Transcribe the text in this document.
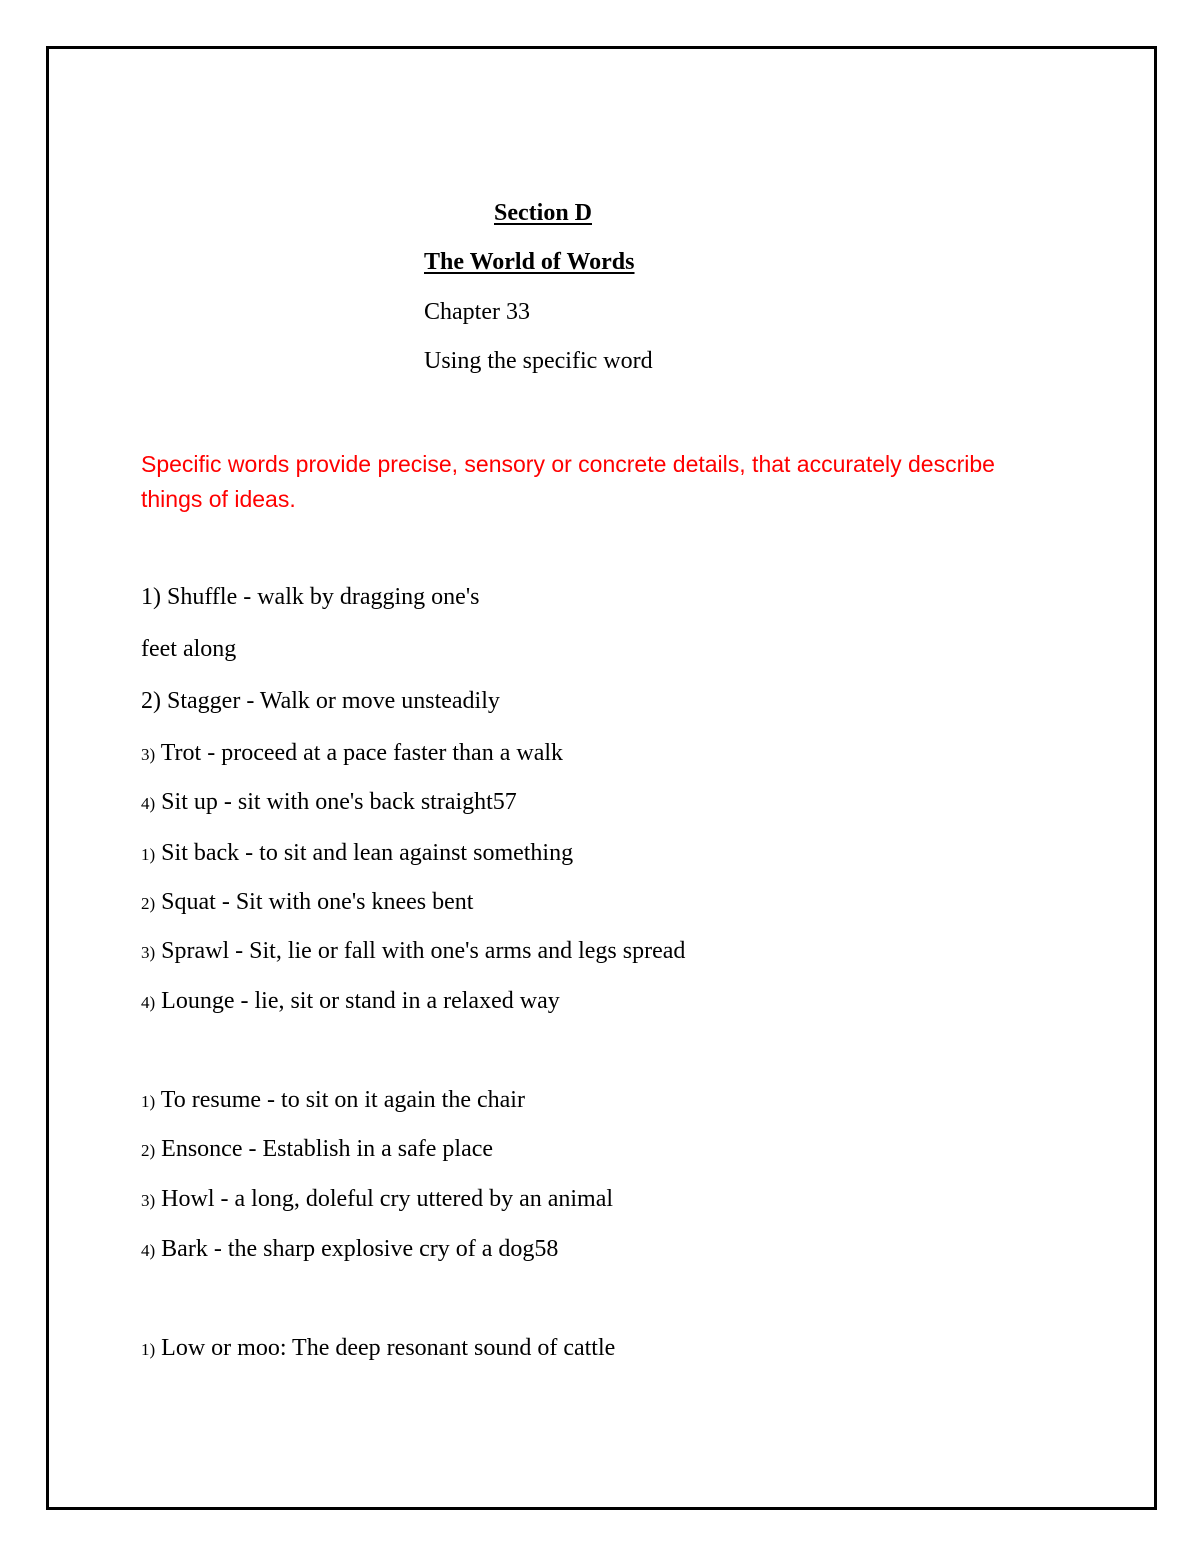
Section D
The World of Words
Chapter 33
Using the specific word
Specific words provide precise, sensory or concrete details, that accurately describe things of ideas.
1) Shuffle - walk by dragging one's
feet along
2) Stagger - Walk or move unsteadily
3) Trot - proceed at a pace faster than a walk
4) Sit up - sit with one's back straight57
1) Sit back - to sit and lean against something
2) Squat - Sit with one's knees bent
3) Sprawl - Sit, lie or fall with one's arms and legs spread
4) Lounge - lie, sit or stand in a relaxed way
1) To resume - to sit on it again the chair
2) Ensonce - Establish in a safe place
3) Howl - a long, doleful cry uttered by an animal
4) Bark - the sharp explosive cry of a dog58
1) Low or moo: The deep resonant sound of cattle
